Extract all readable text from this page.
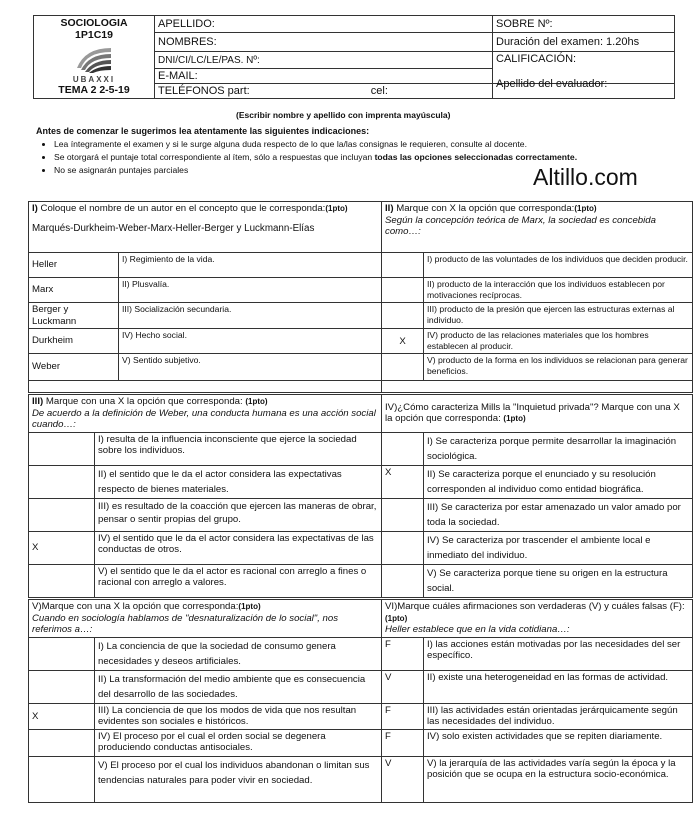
SOCIOLOGIA
1P1C19
UBAXXI
TEMA 2 2-5-19	APELLIDO:	SOBRE Nº:
	NOMBRES:	Duración del examen: 1.20hs
	DNI/CI/LC/LE/PAS. Nº:	CALIFICACIÓN:
	E-MAIL:	
	TELÉFONOS part: cel:	Apellido del evaluador:
(Escribir nombre y apellido con imprenta mayúscula)
Antes de comenzar le sugerimos lea atentamente las siguientes indicaciones:
• Lea íntegramente el examen y si le surge alguna duda respecto de lo que la/las consignas le requieren, consulte al docente.
• Se otorgará el puntaje total correspondiente al ítem, sólo a respuestas que incluyan todas las opciones seleccionadas correctamente.
• No se asignarán puntajes parciales	Altillo.com
I) Coloque el nombre de un autor en el concepto que le corresponda:(1pto)
Marqués-Durkheim-Weber-Marx-Heller-Berger y Luckmann-Elías		II) Marque con X la opción que corresponda:(1pto)
Según la concepción teórica de Marx, la sociedad es concebida como…:	

Heller	I) Regimiento de la vida.		I) producto de las voluntades de los individuos que deciden producir.
Marx	II) Plusvalía.		II) producto de la interacción que los individuos establecen por motivaciones recíprocas.
Berger y Luckmann	III) Socialización secundaria.		III) producto de la presión que ejercen las estructuras externas al individuo.
Durkheim	IV) Hecho social.	X	IV) producto de las relaciones materiales que los hombres establecen al producir.
Weber	V) Sentido subjetivo.		V) producto de la forma en los individuos se relacionan para generar beneficios.

III) Marque con una X la opción que corresponda: (1pto)
De acuerdo a la definición de Weber, una conducta humana es una acción social cuando…:		IV)¿Cómo caracteriza Mills la "Inquietud privada"? Marque con una X la opción que corresponda: (1pto)	
	I) resulta de la influencia inconsciente que ejerce la sociedad sobre los individuos.		I) Se caracteriza porque permite desarrollar la imaginación sociológica.
	II) el sentido que le da el actor considera las expectativas respecto de bienes materiales.	X	II) Se caracteriza porque el enunciado y su resolución corresponden al individuo como entidad biográfica.
	III) es resultado de la coacción que ejercen las maneras de obrar, pensar o sentir propias del grupo.		III) Se caracteriza por estar amenazado un valor amado por toda la sociedad.
X	IV) el sentido que le da el actor considera las expectativas de las conductas de otros.		IV) Se caracteriza por trascender el ambiente local e inmediato del individuo.
	V) el sentido que le da el actor es racional con arreglo a fines o racional con arreglo a valores.		V) Se caracteriza porque tiene su origen en la estructura social.
V)Marque con una X la opción que corresponda:(1pto)
Cuando en sociología hablamos de "desnaturalización de lo social", nos referimos a…:		VI)Marque cuáles afirmaciones son verdaderas (V) y cuáles falsas (F):(1pto)
Heller establece que en la vida cotidiana…:	

	I) La conciencia de que la sociedad de consumo genera necesidades y deseos artificiales.	F	I) las acciones están motivadas por las necesidades del ser específico.
	II) La transformación del medio ambiente que es consecuencia del desarrollo de las sociedades.	V	II) existe una heterogeneidad en las formas de actividad.
X	III) La conciencia de que los modos de vida que nos resultan evidentes son sociales e históricos.	F	III) las actividades están orientadas jerárquicamente según las necesidades del individuo.
	IV) El proceso por el cual el orden social se degenera produciendo conductas antisociales.	F	IV) solo existen actividades que se repiten diariamente.
	V) El proceso por el cual los individuos abandonan o limitan sus tendencias naturales para poder vivir en sociedad.	V	V) la jerarquía de las actividades varía según la época y la posición que se ocupa en la estructura socio-económica.
